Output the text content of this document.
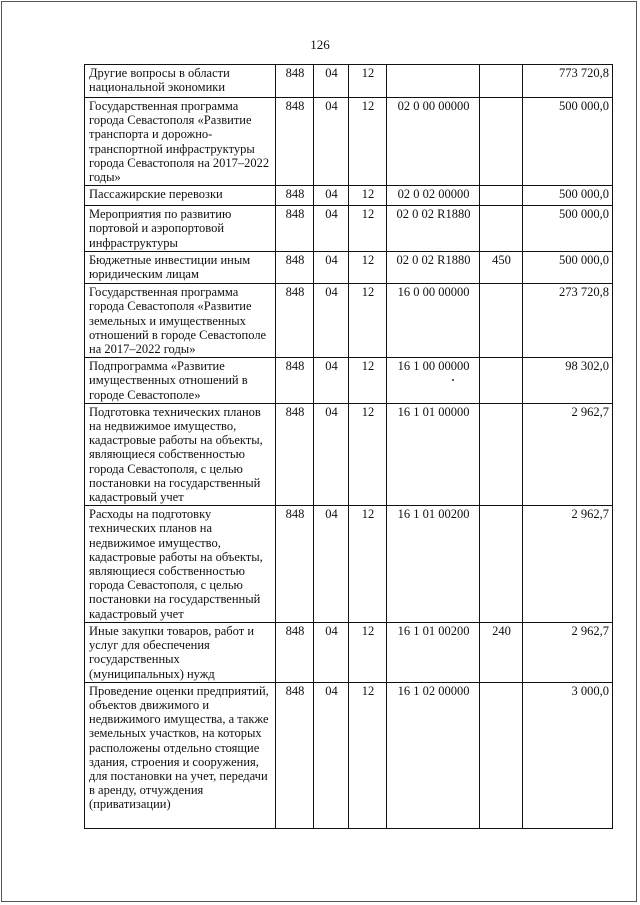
126
Другие вопросы в области национальной экономики	848	04	12			773 720,8
Государственная программа города Севастополя «Развитие транспорта и дорожно-транспортной инфраструктуры города Севастополя на 2017–2022 годы»	848	04	12	02 0 00 00000		500 000,0
Пассажирские перевозки	848	04	12	02 0 02 00000		500 000,0
Мероприятия по развитию портовой и аэропортовой инфраструктуры	848	04	12	02 0 02 R1880		500 000,0
Бюджетные инвестиции иным юридическим лицам	848	04	12	02 0 02 R1880	450	500 000,0
Государственная программа города Севастополя «Развитие земельных и имущественных отношений в городе Севастополе на 2017–2022 годы»	848	04	12	16 0 00 00000		273 720,8
Подпрограмма «Развитие имущественных отношений в городе Севастополе»	848	04	12	16 1 00 00000		98 302,0
Подготовка технических планов на недвижимое имущество, кадастровые работы на объекты, являющиеся собственностью города Севастополя, с целью постановки на государственный кадастровый учет	848	04	12	16 1 01 00000		2 962,7
Расходы на подготовку технических планов на недвижимое имущество, кадастровые работы на объекты, являющиеся собственностью города Севастополя, с целью постановки на государственный кадастровый учет	848	04	12	16 1 01 00200		2 962,7
Иные закупки товаров, работ и услуг для обеспечения государственных (муниципальных) нужд	848	04	12	16 1 01 00200	240	2 962,7
Проведение оценки предприятий, объектов движимого и недвижимого имущества, а также земельных участков, на которых расположены отдельно стоящие здания, строения и сооружения, для постановки на учет, передачи в аренду, отчуждения (приватизации)	848	04	12	16 1 02 00000		3 000,0
